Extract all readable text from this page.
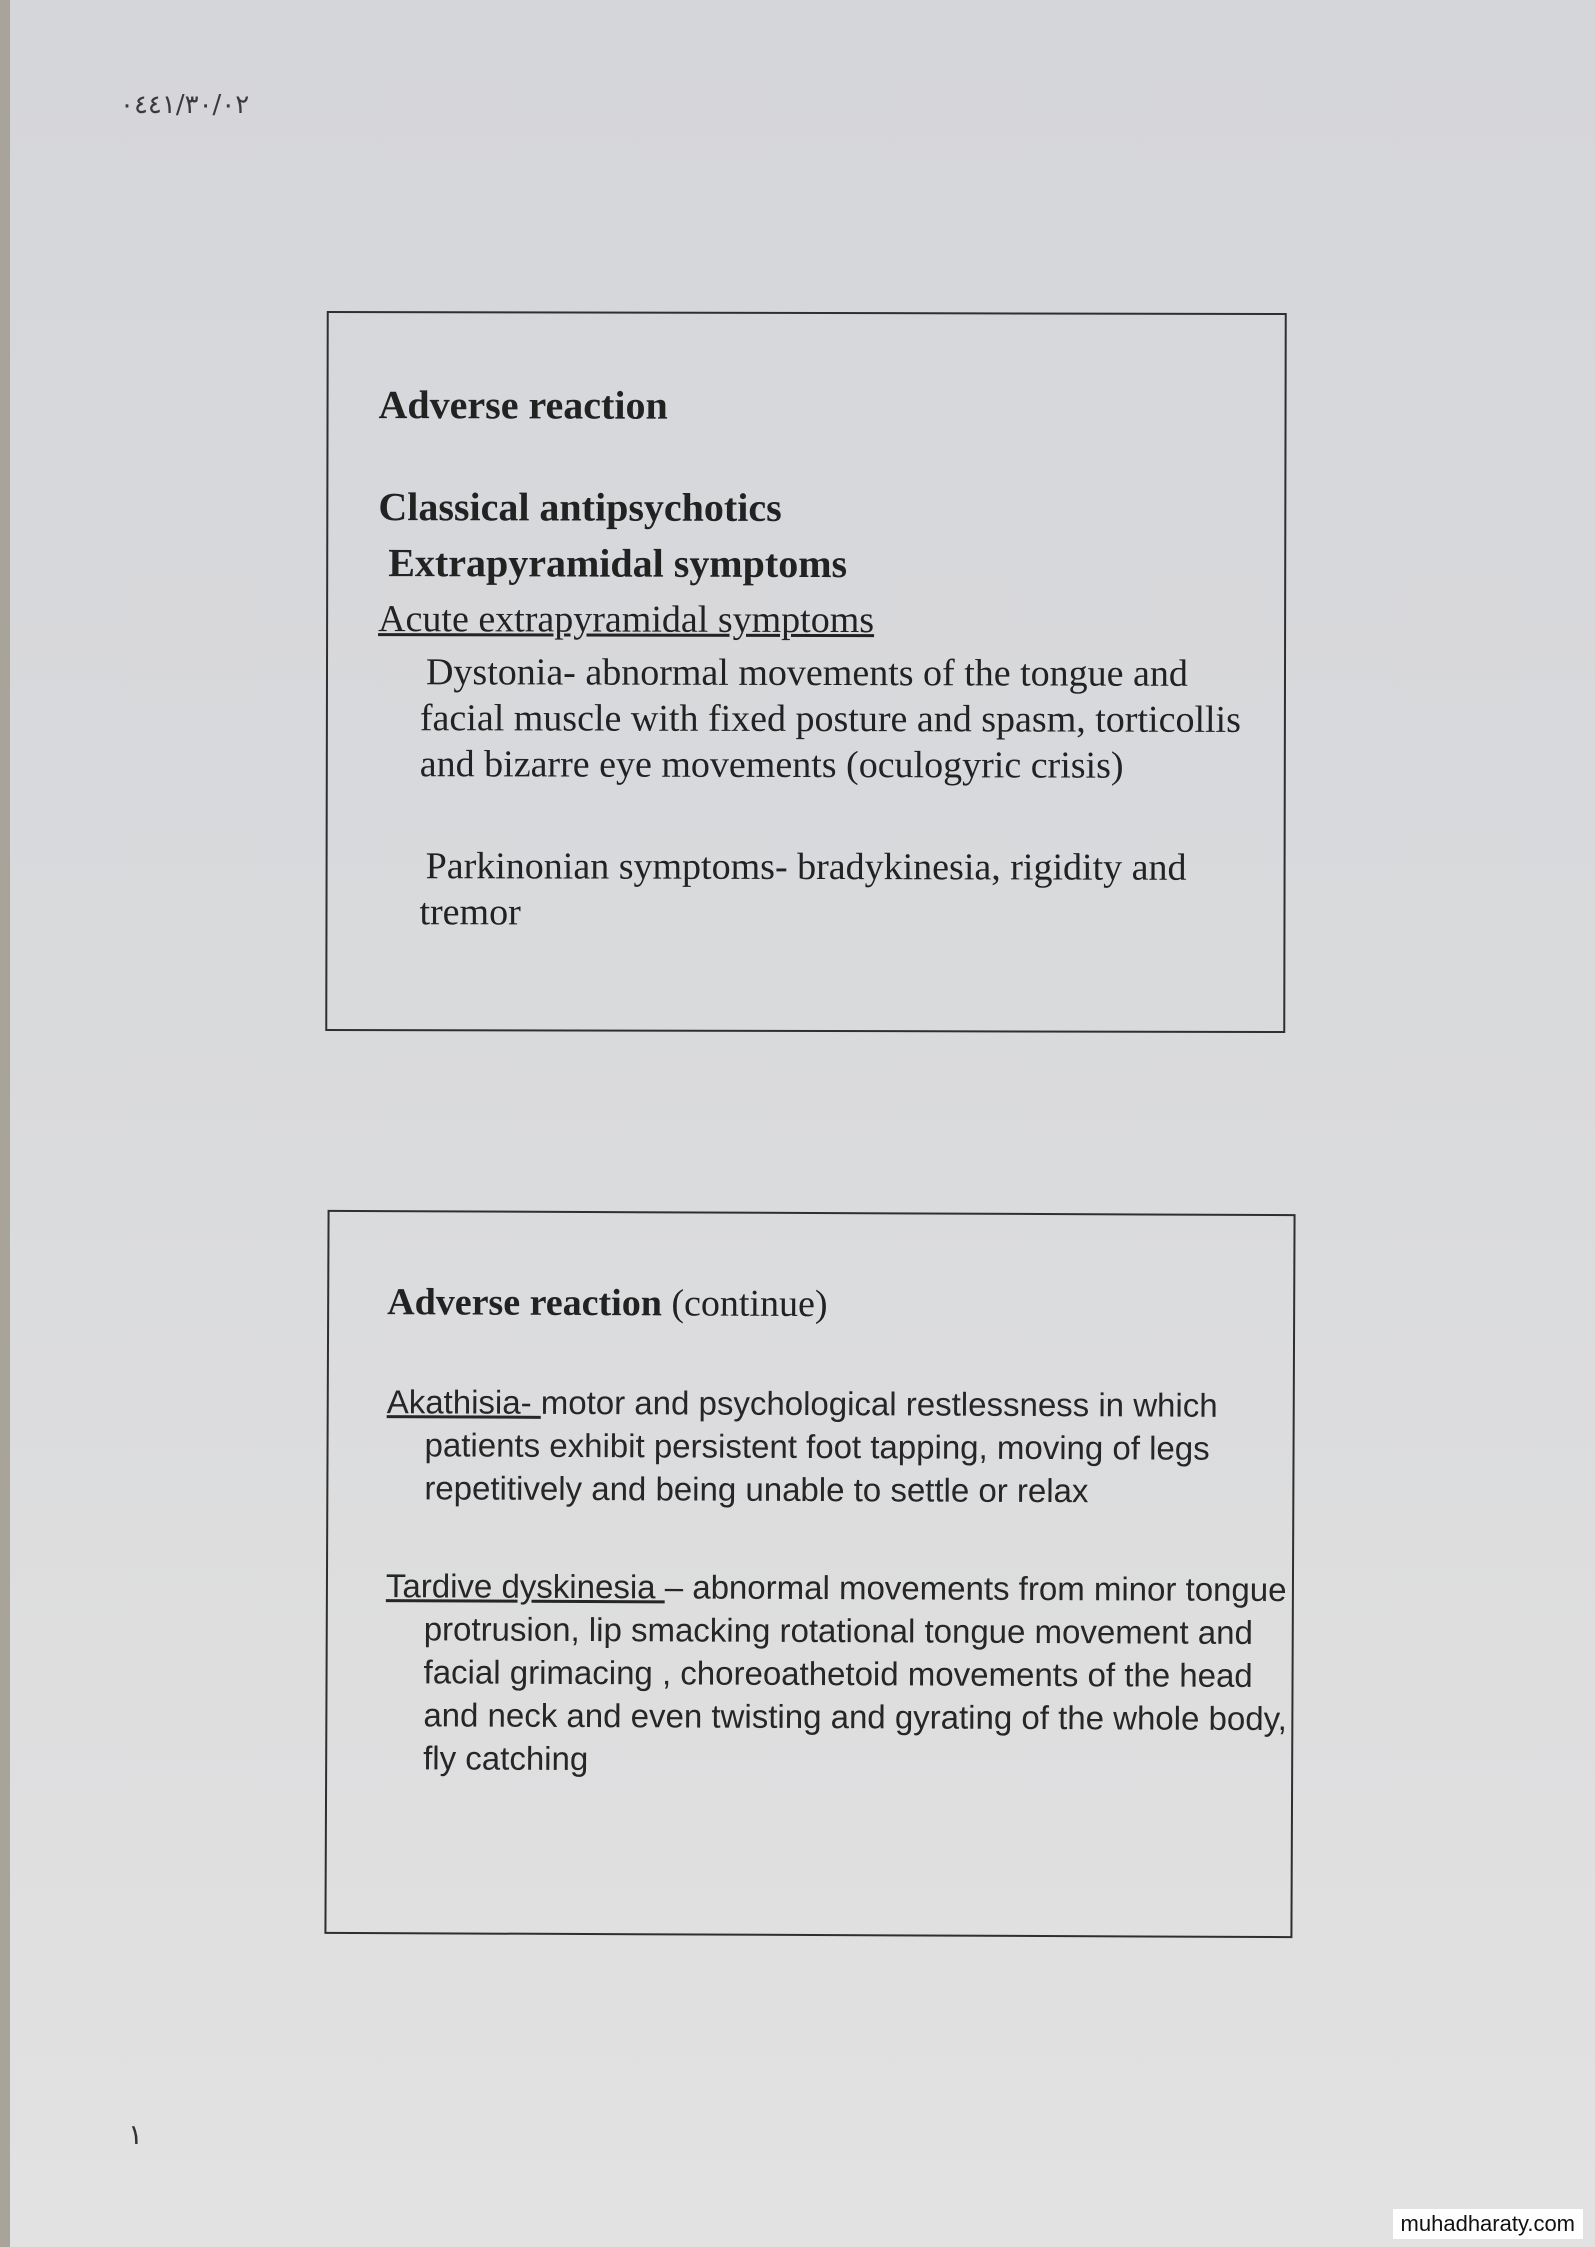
٢٠/٠٣/١٤٤٠
Adverse reaction
Classical antipsychotics
Extrapyramidal symptoms
Acute extrapyramidal symptoms
Dystonia- abnormal movements of the tongue and facial muscle with fixed posture and spasm, torticollis and bizarre eye movements (oculogyric crisis)
Parkinonian symptoms- bradykinesia, rigidity and tremor
Adverse reaction (continue)
Akathisia- motor and psychological restlessness in which patients exhibit persistent foot tapping, moving of legs repetitively and being unable to settle or relax
Tardive dyskinesia – abnormal movements from minor tongue protrusion, lip smacking rotational tongue movement and facial grimacing , choreoathetoid movements of the head and neck and even twisting and gyrating of the whole body, fly catching
١
muhadharaty.com
